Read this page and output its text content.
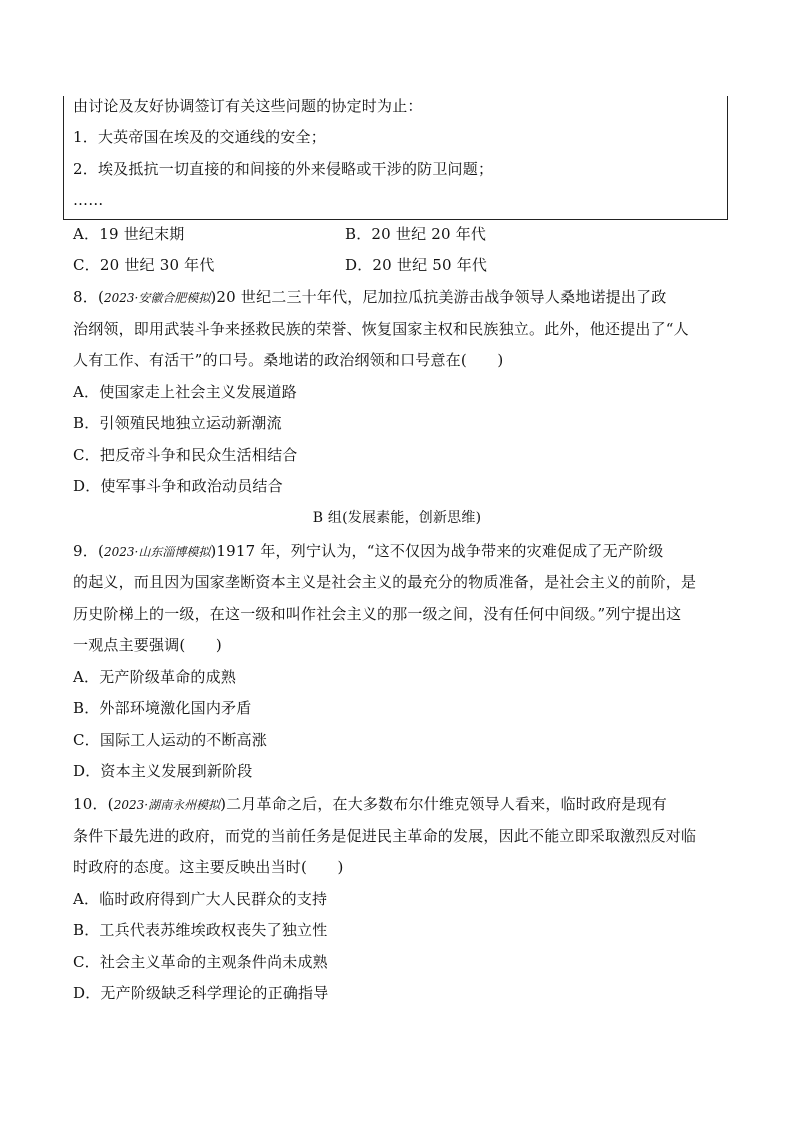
由讨论及友好协调签订有关这些问题的协定时为止：
1．大英帝国在埃及的交通线的安全；
2．埃及抵抗一切直接的和间接的外来侵略或干涉的防卫问题；
……
A．19 世纪末期	B．20 世纪 20 年代
C．20 世纪 30 年代	D．20 世纪 50 年代
8．(2023·安徽合肥模拟)20 世纪二三十年代，尼加拉瓜抗美游击战争领导人桑地诺提出了政
治纲领，即用武装斗争来拯救民族的荣誉、恢复国家主权和民族独立。此外，他还提出了“人
人有工作、有活干”的口号。桑地诺的政治纲领和口号意在(　　)
A．使国家走上社会主义发展道路
B．引领殖民地独立运动新潮流
C．把反帝斗争和民众生活相结合
D．使军事斗争和政治动员结合
B 组(发展素能，创新思维)
9．(2023·山东淄博模拟)1917 年，列宁认为，“这不仅因为战争带来的灾难促成了无产阶级
的起义，而且因为国家垄断资本主义是社会主义的最充分的物质准备，是社会主义的前阶，是
历史阶梯上的一级，在这一级和叫作社会主义的那一级之间，没有任何中间级。”列宁提出这
一观点主要强调(　　)
A．无产阶级革命的成熟
B．外部环境激化国内矛盾
C．国际工人运动的不断高涨
D．资本主义发展到新阶段
10．(2023·湖南永州模拟)二月革命之后，在大多数布尔什维克领导人看来，临时政府是现有
条件下最先进的政府，而党的当前任务是促进民主革命的发展，因此不能立即采取激烈反对临
时政府的态度。这主要反映出当时(　　)
A．临时政府得到广大人民群众的支持
B．工兵代表苏维埃政权丧失了独立性
C．社会主义革命的主观条件尚未成熟
D．无产阶级缺乏科学理论的正确指导
